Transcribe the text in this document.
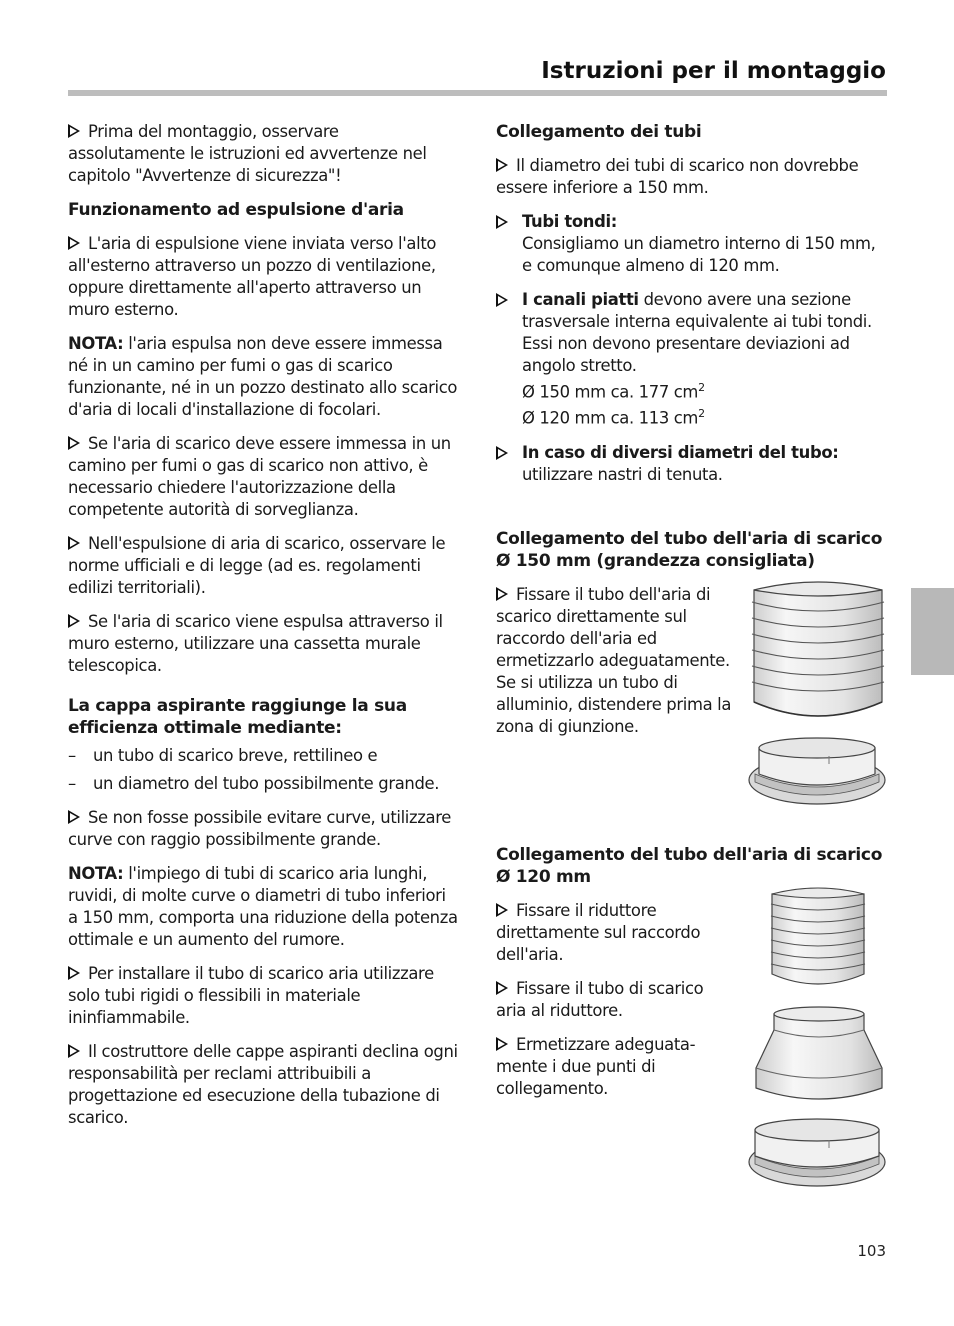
Istruzioni per il montaggio
103

Prima del montaggio, osservare assolutamente le istruzioni ed avvertenze nel capitolo "Avvertenze di sicurezza"!

Funzionamento ad espulsione d'aria

L'aria di espulsione viene inviata verso l'alto all'esterno attraverso un pozzo di ventilazione, oppure direttamente all'aperto attraverso un muro esterno.

NOTA: l'aria espulsa non deve essere immessa né in un camino per fumi o gas di scarico funzionante, né in un pozzo destinato allo scarico d'aria di locali d'installazione di focolari.

Se l'aria di scarico deve essere immessa in un camino per fumi o gas di scarico non attivo, è necessario chiedere l'autorizzazione della competente autorità di sorveglianza.

Nell'espulsione di aria di scarico, osservare le norme ufficiali e di legge (ad es. regolamenti edilizi territoriali).

Se l'aria di scarico viene espulsa attraverso il muro esterno, utilizzare una cassetta murale telescopica.

La cappa aspirante raggiunge la sua efficienza ottimale mediante:
– un tubo di scarico breve, rettilineo e
– un diametro del tubo possibilmente grande.

Se non fosse possibile evitare curve, utilizzare curve con raggio possibilmente grande.

NOTA: l'impiego di tubi di scarico aria lunghi, ruvidi, di molte curve o diametri di tubo inferiori a 150 mm, comporta una riduzione della potenza ottimale e un aumento del rumore.

Per installare il tubo di scarico aria utilizzare solo tubi rigidi o flessibili in materiale ininfiammabile.

Il costruttore delle cappe aspiranti declina ogni responsabilità per reclami attribuibili a progettazione ed esecuzione della tubazione di scarico.

Collegamento dei tubi

Il diametro dei tubi di scarico non dovrebbe essere inferiore a 150 mm.

Tubi tondi:
Consigliamo un diametro interno di 150 mm, e comunque almeno di 120 mm.

I canali piatti devono avere una sezione trasversale interna equivalente ai tubi tondi. Essi non devono presentare deviazioni ad angolo stretto.
Ø 150 mm ca. 177 $cm^2$
Ø 120 mm ca. 113 $cm^2$

In caso di diversi diametri del tubo:
utilizzare nastri di tenuta.

Collegamento del tubo dell'aria di scarico Ø 150 mm (grandezza consigliata)

Fissare il tubo dell'aria di scarico direttamente sul raccordo dell'aria ed ermetizzarlo adeguatamente. Se si utilizza un tubo di alluminio, distendere prima la zona di giunzione.

Collegamento del tubo dell'aria di scarico Ø 120 mm

Fissare il riduttore direttamente sul raccordo dell'aria.

Fissare il tubo di scarico aria al riduttore.

Ermetizzare adeguata-mente i due punti di collegamento.
